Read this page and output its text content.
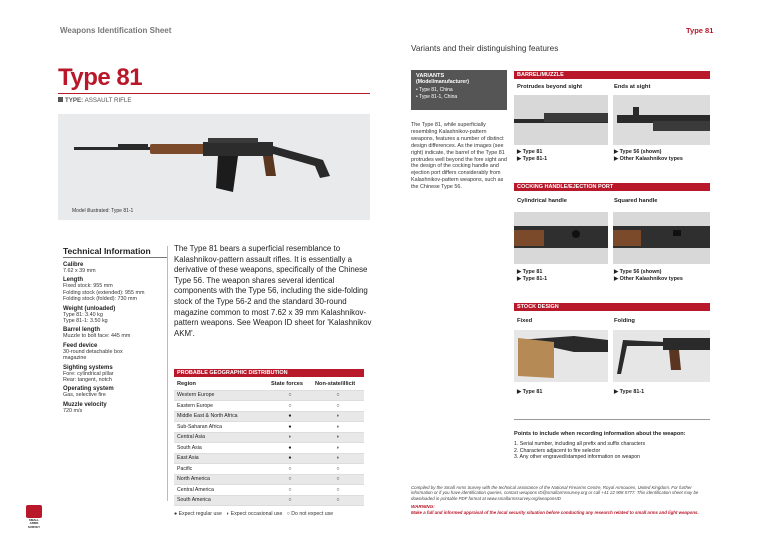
Weapons Identification Sheet	Type 81
Type 81
TYPE: ASSAULT RIFLE
Model illustrated: Type 81-1
Technical Information
Calibre
7.62 x 39 mm
Length
Fixed stock: 955 mm
Folding stock (extended): 955 mm
Folding stock (folded): 730 mm
Weight (unloaded)
Type 81: 3.40 kg
Type 81-1: 3.50 kg
Barrel length
Muzzle to bolt face: 445 mm
Feed device
30-round detachable box
magazine
Sighting systems
Fore: cylindrical pillar
Rear: tangent, notch
Operating system
Gas, selective fire
Muzzle velocity
720 m/s
The Type 81 bears a superficial resemblance to Kalashnikov-pattern assault rifles. It is essentially a derivative of these weapons, specifically of the Chinese Type 56. The weapon shares several identical components with the Type 56, including the side-folding stock of the Type 56-2 and the standard 30-round magazine common to most 7.62 x 39 mm Kalashnikov-pattern weapons. See Weapon ID sheet for 'Kalashnikov AKM'.
PROBABLE GEOGRAPHIC DISTRIBUTION
Region	State forces	Non-state/illicit
Western Europe	○	○
Eastern Europe	○	○
Middle East & North Africa	●	◗
Sub-Saharan Africa	●	◗
Central Asia	◗	◗
South Asia	●	◗
East Asia	●	◗
Pacific	○	○
North America	○	○
Central America	○	○
South America	○	○
● Expect regular use ◗ Expect occasional use ○ Do not expect use
SMALL ARMS SURVEY
Variants and their distinguishing features
VARIANTS
(Model/manufacturer)
• Type 81, China
• Type 81-1, China
The Type 81, while superficially resembling Kalashnikov-pattern weapons, features a number of distinct design differences. As the images (see right) indicate, the barrel of the Type 81 protrudes well beyond the fore sight and the design of the cocking handle and ejection port differs considerably from Kalashnikov-pattern weapons, such as the Chinese Type 56.
BARREL/MUZZLE
Protrudes beyond sight	Ends at sight
▶ Type 81
▶ Type 81-1
▶ Type 56 (shown)
▶ Other Kalashnikov types
COCKING HANDLE/EJECTION PORT
Cylindrical handle	Squared handle
▶ Type 81
▶ Type 81-1
▶ Type 56 (shown)
▶ Other Kalashnikov types
STOCK DESIGN
Fixed	Folding
▶ Type 81	▶ Type 81-1
Points to include when recording information about the weapon:
1. Serial number, including all prefix and suffix characters
2. Characters adjacent to fire selector
3. Any other engraved/stamped information on weapon
Compiled by the Small Arms Survey with the technical assistance of the National Firearms Centre, Royal Armouries, United Kingdom. For further information or if you have identification queries, contact weapons ID@smallarmssurvey.org or call +41 22 908 5777. This identification sheet may be downloaded in printable PDF format at www.smallarmssurvey.org/weaponsID
WARNING:
Make a full and informed appraisal of the local security situation before conducting any research related to small arms and light weapons.
